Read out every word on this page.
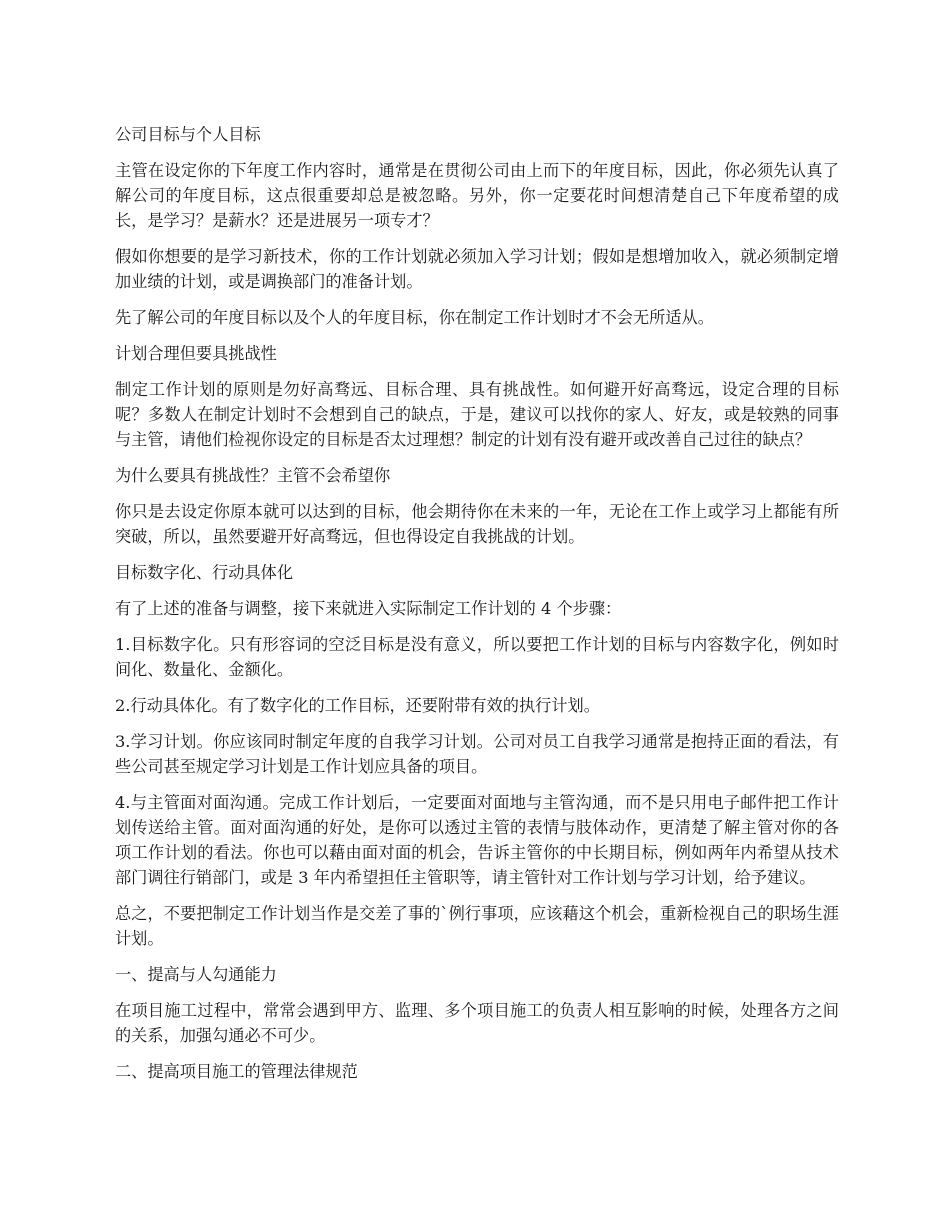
公司目标与个人目标

主管在设定你的下年度工作内容时，通常是在贯彻公司由上而下的年度目标，因此，你必须先认真了解公司的年度目标，这点很重要却总是被忽略。另外，你一定要花时间想清楚自己下年度希望的成长，是学习？是薪水？还是进展另一项专才？

假如你想要的是学习新技术，你的工作计划就必须加入学习计划；假如是想增加收入，就必须制定增加业绩的计划，或是调换部门的准备计划。

先了解公司的年度目标以及个人的年度目标，你在制定工作计划时才不会无所适从。

计划合理但要具挑战性

制定工作计划的原则是勿好高骛远、目标合理、具有挑战性。如何避开好高骛远，设定合理的目标呢？多数人在制定计划时不会想到自己的缺点，于是，建议可以找你的家人、好友，或是较熟的同事与主管，请他们检视你设定的目标是否太过理想？制定的计划有没有避开或改善自己过往的缺点？

为什么要具有挑战性？主管不会希望你

你只是去设定你原本就可以达到的目标，他会期待你在未来的一年，无论在工作上或学习上都能有所突破，所以，虽然要避开好高骛远，但也得设定自我挑战的计划。

目标数字化、行动具体化

有了上述的准备与调整，接下来就进入实际制定工作计划的 4 个步骤：

1.目标数字化。只有形容词的空泛目标是没有意义，所以要把工作计划的目标与内容数字化，例如时间化、数量化、金额化。

2.行动具体化。有了数字化的工作目标，还要附带有效的执行计划。

3.学习计划。你应该同时制定年度的自我学习计划。公司对员工自我学习通常是抱持正面的看法，有些公司甚至规定学习计划是工作计划应具备的项目。

4.与主管面对面沟通。完成工作计划后，一定要面对面地与主管沟通，而不是只用电子邮件把工作计划传送给主管。面对面沟通的好处，是你可以透过主管的表情与肢体动作，更清楚了解主管对你的各项工作计划的看法。你也可以藉由面对面的机会，告诉主管你的中长期目标，例如两年内希望从技术部门调往行销部门，或是 3 年内希望担任主管职等，请主管针对工作计划与学习计划，给予建议。

总之，不要把制定工作计划当作是交差了事的`例行事项，应该藉这个机会，重新检视自己的职场生涯计划。

一、提高与人勾通能力

在项目施工过程中，常常会遇到甲方、监理、多个项目施工的负责人相互影响的时候，处理各方之间的关系，加强勾通必不可少。

二、提高项目施工的管理法律规范
